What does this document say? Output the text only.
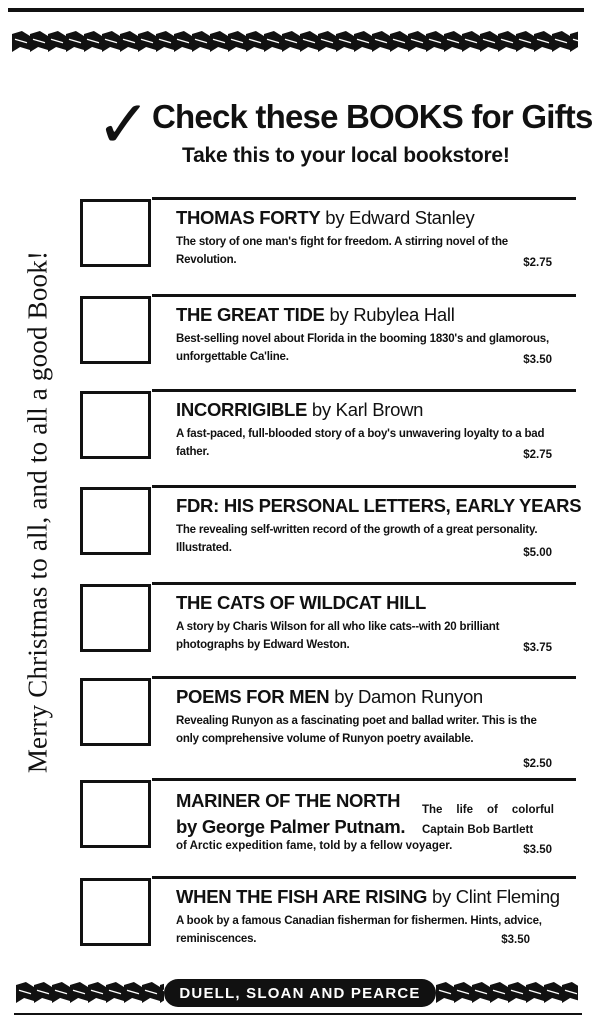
Merry Christmas to all, and to all a good Book!
✓ Check these BOOKS for Gifts
Take this to your local bookstore!
THOMAS FORTY by Edward Stanley
The story of one man's fight for freedom. A stirring novel of the Revolution.	$2.75
THE GREAT TIDE by Rubylea Hall
Best-selling novel about Florida in the booming 1830's and glamorous, unforgettable Ca'line.	$3.50
INCORRIGIBLE by Karl Brown
A fast-paced, full-blooded story of a boy's unwavering loyalty to a bad father.	$2.75
FDR: HIS PERSONAL LETTERS, EARLY YEARS
The revealing self-written record of the growth of a great personality. Illustrated.	$5.00
THE CATS OF WILDCAT HILL
A story by Charis Wilson for all who like cats--with 20 brilliant photographs by Edward Weston.	$3.75
POEMS FOR MEN by Damon Runyon
Revealing Runyon as a fascinating poet and ballad writer. This is the only comprehensive volume of Runyon poetry available.
$2.50
MARINER OF THE NORTH
by George Palmer Putnam.
The life of colorful Captain Bob Bartlett
of Arctic expedition fame, told by a fellow voyager.	$3.50
WHEN THE FISH ARE RISING by Clint Fleming
A book by a famous Canadian fisherman for fishermen. Hints, advice, reminiscences.	$3.50
DUELL, SLOAN AND PEARCE
